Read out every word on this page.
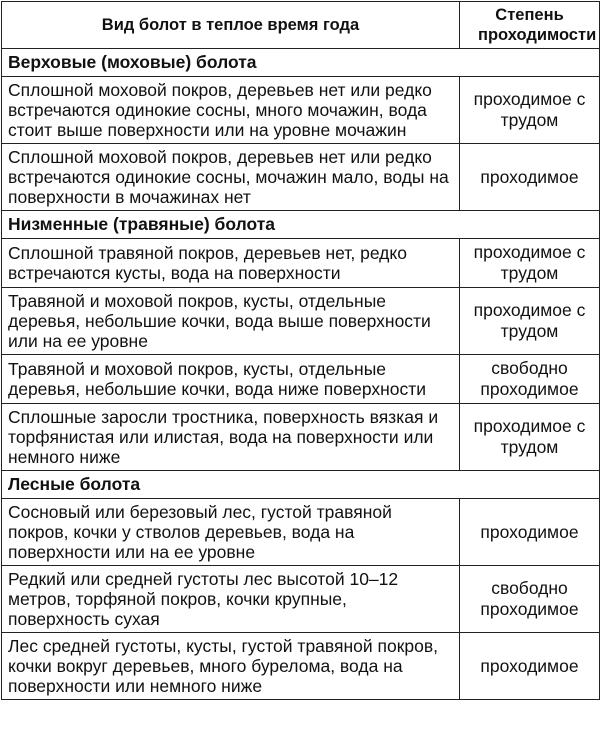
Вид болот в теплое время года	Степень проходимости
Верховые (моховые) болота	
Сплошной моховой покров, деревьев нет или редко встречаются одинокие сосны, много мочажин, вода стоит выше поверхности или на уровне мочажин	проходимое с трудом
Сплошной моховой покров, деревьев нет или редко встречаются одинокие сосны, мочажин мало, воды на поверхности в мочажинах нет	проходимое
Низменные (травяные) болота	
Сплошной травяной покров, деревьев нет, редко встречаются кусты, вода на поверхности	проходимое с трудом
Травяной и моховой покров, кусты, отдельные деревья, небольшие кочки, вода выше поверхности или на ее уровне	проходимое с трудом
Травяной и моховой покров, кусты, отдельные деревья, небольшие кочки, вода ниже поверхности	свободно проходимое
Сплошные заросли тростника, поверхность вязкая и торфянистая или илистая, вода на поверхности или немного ниже	проходимое с трудом
Лесные болота	
Сосновый или березовый лес, густой травяной покров, кочки у стволов деревьев, вода на поверхности или на ее уровне	проходимое
Редкий или средней густоты лес высотой 10–12 метров, торфяной покров, кочки крупные, поверхность сухая	свободно проходимое
Лес средней густоты, кусты, густой травяной покров, кочки вокруг деревьев, много бурелома, вода на поверхности или немного ниже	проходимое
